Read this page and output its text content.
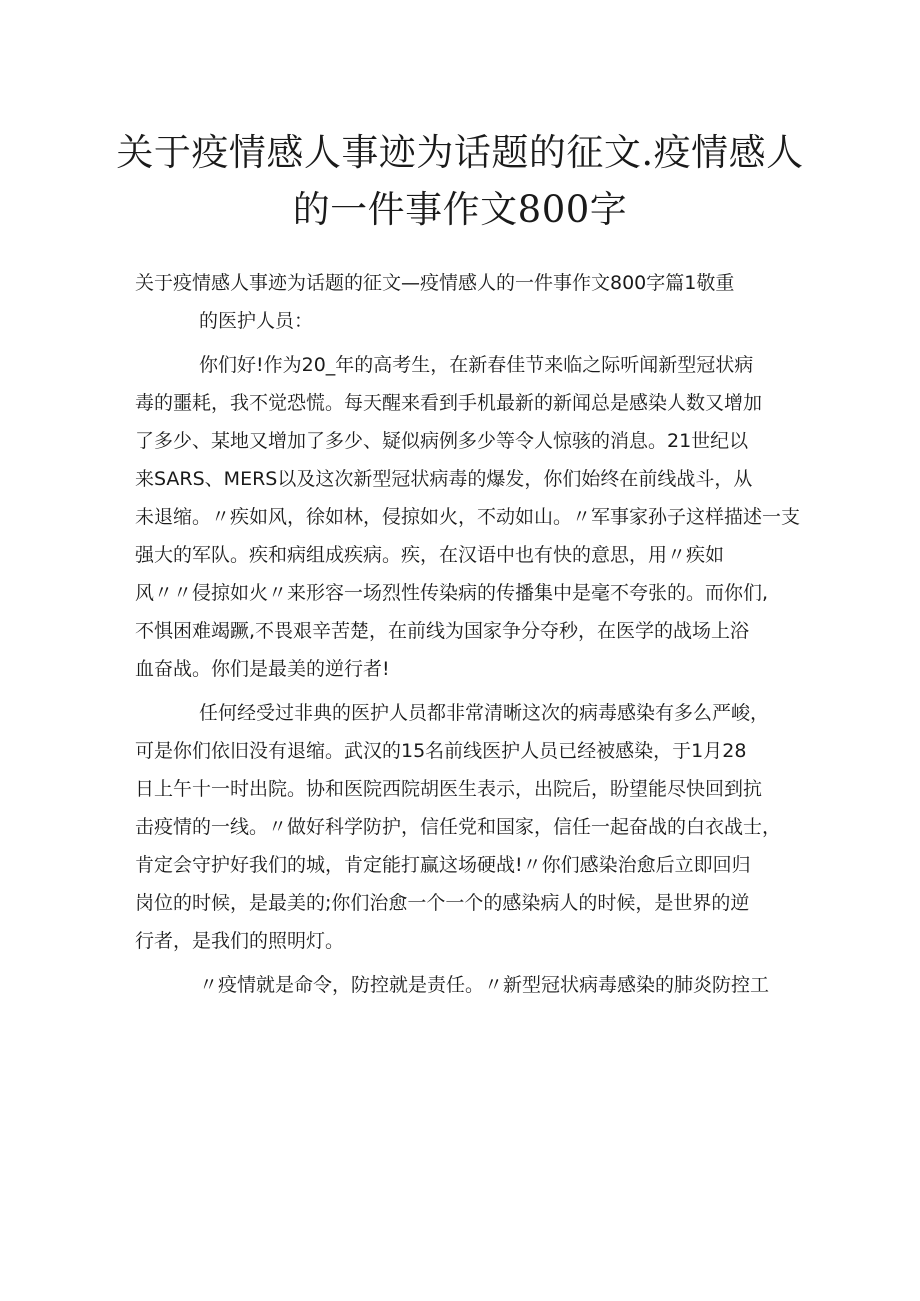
关于疫情感人事迹为话题的征文.疫情感人
的一件事作文800字

关于疫情感人事迹为话题的征文—疫情感人的一件事作文800字篇1敬重
的医护人员：

你们好!作为20_年的高考生，在新春佳节来临之际听闻新型冠状病
毒的噩耗，我不觉恐慌。每天醒来看到手机最新的新闻总是感染人数又增加
了多少、某地又增加了多少、疑似病例多少等令人惊骇的消息。21世纪以
来SARS、MERS以及这次新型冠状病毒的爆发，你们始终在前线战斗，从
未退缩。〃疾如风，徐如林，侵掠如火，不动如山。〃军事家孙子这样描述一支
强大的军队。疾和病组成疾病。疾，在汉语中也有快的意思，用〃疾如
风〃〃侵掠如火〃来形容一场烈性传染病的传播集中是毫不夸张的。而你们,
不惧困难竭蹶,不畏艰辛苦楚，在前线为国家争分夺秒，在医学的战场上浴
血奋战。你们是最美的逆行者!

任何经受过非典的医护人员都非常清晰这次的病毒感染有多么严峻，
可是你们依旧没有退缩。武汉的15名前线医护人员已经被感染，于1月28
日上午十一时出院。协和医院西院胡医生表示，出院后，盼望能尽快回到抗
击疫情的一线。〃做好科学防护，信任党和国家，信任一起奋战的白衣战士，
肯定会守护好我们的城，肯定能打赢这场硬战!〃你们感染治愈后立即回归
岗位的时候，是最美的;你们治愈一个一个的感染病人的时候，是世界的逆
行者，是我们的照明灯。

〃疫情就是命令，防控就是责任。〃新型冠状病毒感染的肺炎防控工
